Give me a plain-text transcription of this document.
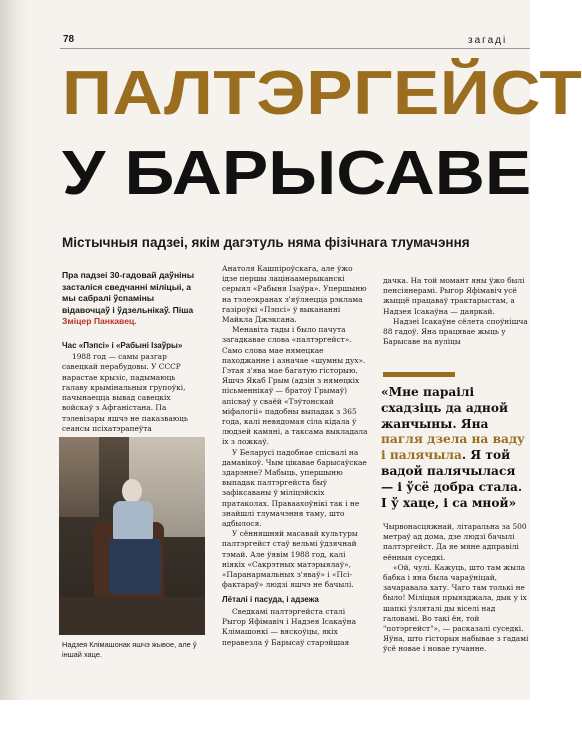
78	загаді
ПАЛТЭРГЕЙСТ
У БАРЫСАВЕ
Містычныя падзеі, якім дагэтуль няма фізічнага тлумачэння
Пра падзеі 30-гадовай даўніны засталіся сведчанні міліцыі, а мы сабралі ўспаміны відавочцаў і ўдзельнікаў. Піша Зміцер Панкавец.
Час «Пэпсі» і «Рабыні Ізаўры»

1988 год — самы разгар савецкай перабудовы. У СССР нарастае крызіс, падымаюць галаву крымінальныя групоўкі, пачынаецца вывад савецкіх войскаў з Афганістана. Па тэлевізары яшчэ не паказваюць сеансы псіхатэрапеўта

Надзея Клімашонак яшчэ жывое, але ў іншай хаце.

Анатоля Кашпіроўскага, але ўжо ідзе першы лацінаамерыканскі серыял «Рабыня Ізаўра». Упершыню на тэлеэкранах з'яўляецца рэклама газіроўкі «Пэпсі» ў выкананні Майкла Джэксана.

Менавіта тады і было пачута загадкавае слова «палтэргейст». Само слова мае нямецкае паходжанне і азначае «шумны дух». Гэтая з'ява мае багатую гісторыю. Яшчэ Якаб Грым (адзін з нямецкіх пісьменнікаў — братоў Грымаў) апісваў у сваёй «Тэўтонскай міфалогіі» падобны выпадак з 365 года, калі невядомая сіла кідала ў людзей камяні, а таксама выкладала іх з ложкаў.

У Беларусі падобнае спісвалі на дамавікоў. Чым цікавае барысаўскае здарэнне? Мабыць, упершыню выпадак палтэргейста быў зафіксаваны ў міліцэйскіх пратаколах. Праваахоўнікі так і не знайшлі тлумачэння таму, што адбылося.

У сённяшняй масавай культуры палтэргейст стаў вельмі ўдзячнай тэмай. Але ўявім 1988 год, калі ніякіх «Сакрэтных матэрыялаў», «Паранармальных з'яваў» і «Псі-фактараў» людзі яшчэ не бачылі.

Лёталі і пасуда, і адзежа

Сведкамі палтэргейста сталі Рыгор Яфімавіч і Надзея Ісакаўна Клімашонкі — вяскоўцы, якіх перавезла ў Барысаў старэйшая

дачка. На той момант яны ўжо былі пенсіянерамі. Рыгор Яфімавіч усё жыццё працаваў трактарыстам, а Надзея Ісакаўна — даяркай.

Надзеі Ісакаўне сёлета споўнішча 88 гадоў. Яна працявае жыць у Барысаве на вуліцы

«Мне параілі схадзіць да адной жанчыны. Яна пагля дзела на ваду і палячыла. Я той вадой палячылася — і ўсё добра стала. І ў хаце, і са мной»

Чырвонасцяжнай, літаральна за 500 метраў ад дома, дзе людзі бачылі палтэргейст. Да яе мяне адправілі еённыя суседкі.

«Ой, чулі. Кажуць, што там жыла бабка і яна была чараўніцай, зачаравала хату. Чаго там толькі не было! Міліцыя прыязджала, дык у іх шапкі ўзляталі ды віселі над галовамі. Во такі ён, той "потэргейст"», — расказалі суседкі. Яўна, што гісторыя набывае з гадамі ўсё новае і новае гучанне.
